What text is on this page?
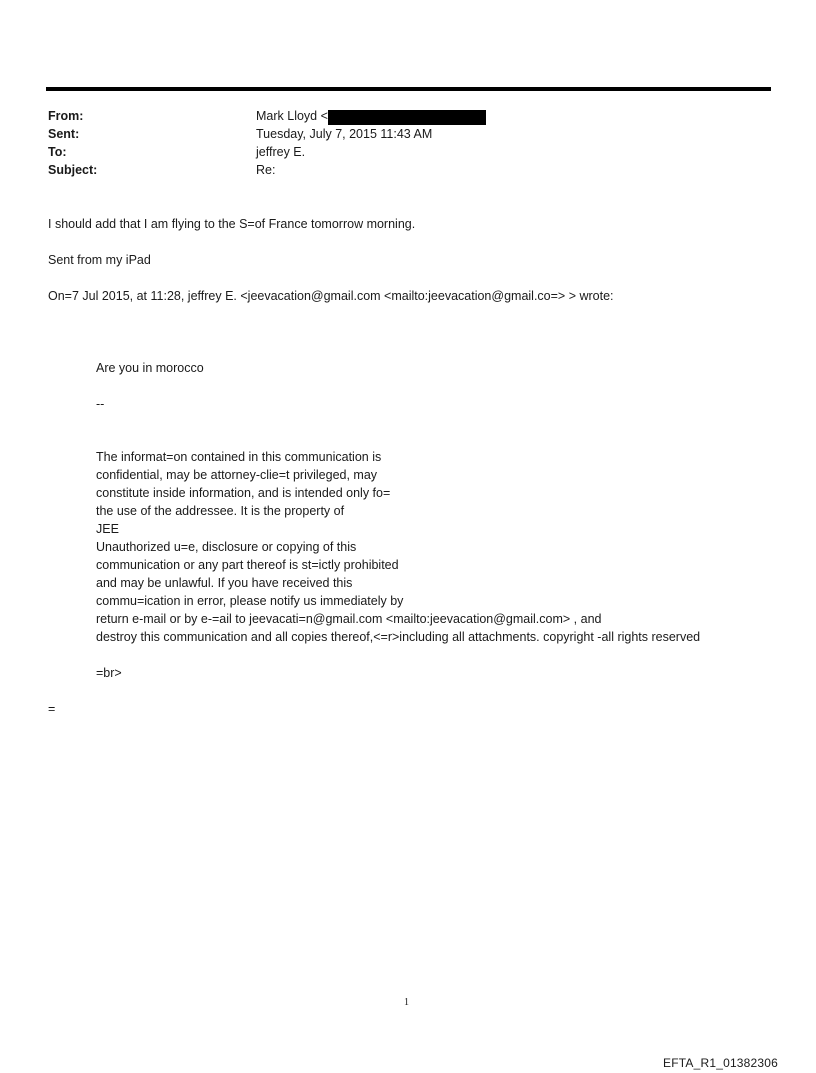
From:	Mark Lloyd <
Sent:	Tuesday, July 7, 2015 11:43 AM
To:	jeffrey E.
Subject:	Re:
I should add that I am flying to the S=of France tomorrow morning.
Sent from my iPad
On=7 Jul 2015, at 11:28, jeffrey E. <jeevacation@gmail.com <mailto:jeevacation@gmail.co=> > wrote:
Are you in morocco
--
The informat=on contained in this communication is
confidential, may be attorney-clie=t privileged, may
constitute inside information, and is intended only fo=
the use of the addressee. It is the property of
JEE
Unauthorized u=e, disclosure or copying of this
communication or any part thereof is st=ictly prohibited
and may be unlawful. If you have received this
commu=ication in error, please notify us immediately by
return e-mail or by e-=ail to jeevacati=n@gmail.com <mailto:jeevacation@gmail.com> , and
destroy this communication and all copies thereof,<=r>including all attachments. copyright -all rights reserved
=br>
=
1
EFTA_R1_01382306
